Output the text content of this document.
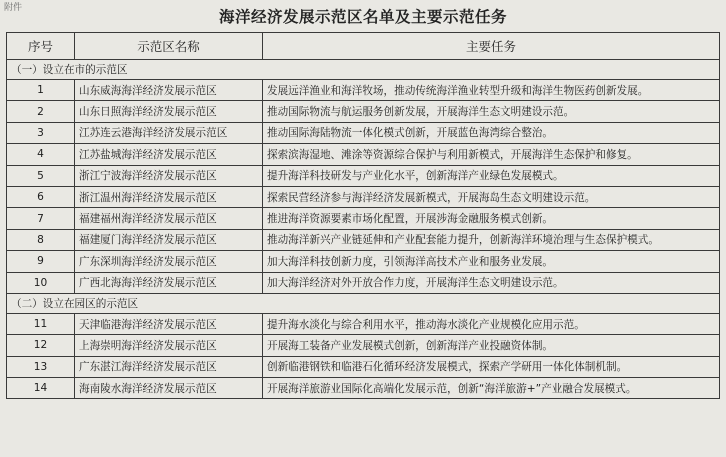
附件	海洋经济发展示范区名单及主要示范任务
序号	示范区名称	主要任务
（一）设立在市的示范区		
1	山东威海海洋经济发展示范区	发展远洋渔业和海洋牧场，推动传统海洋渔业转型升级和海洋生物医药创新发展。
2	山东日照海洋经济发展示范区	推动国际物流与航运服务创新发展，开展海洋生态文明建设示范。
3	江苏连云港海洋经济发展示范区	推动国际海陆物流一体化模式创新，开展蓝色海湾综合整治。
4	江苏盐城海洋经济发展示范区	探索滨海湿地、滩涂等资源综合保护与利用新模式，开展海洋生态保护和修复。
5	浙江宁波海洋经济发展示范区	提升海洋科技研发与产业化水平，创新海洋产业绿色发展模式。
6	浙江温州海洋经济发展示范区	探索民营经济参与海洋经济发展新模式，开展海岛生态文明建设示范。
7	福建福州海洋经济发展示范区	推进海洋资源要素市场化配置，开展涉海金融服务模式创新。
8	福建厦门海洋经济发展示范区	推动海洋新兴产业链延伸和产业配套能力提升，创新海洋环境治理与生态保护模式。
9	广东深圳海洋经济发展示范区	加大海洋科技创新力度，引领海洋高技术产业和服务业发展。
10	广西北海海洋经济发展示范区	加大海洋经济对外开放合作力度，开展海洋生态文明建设示范。
（二）设立在园区的示范区		
11	天津临港海洋经济发展示范区	提升海水淡化与综合利用水平，推动海水淡化产业规模化应用示范。
12	上海崇明海洋经济发展示范区	开展海工装备产业发展模式创新，创新海洋产业投融资体制。
13	广东湛江海洋经济发展示范区	创新临港钢铁和临港石化循环经济发展模式，探索产学研用一体化体制机制。
14	海南陵水海洋经济发展示范区	开展海洋旅游业国际化高端化发展示范，创新“海洋旅游+”产业融合发展模式。
